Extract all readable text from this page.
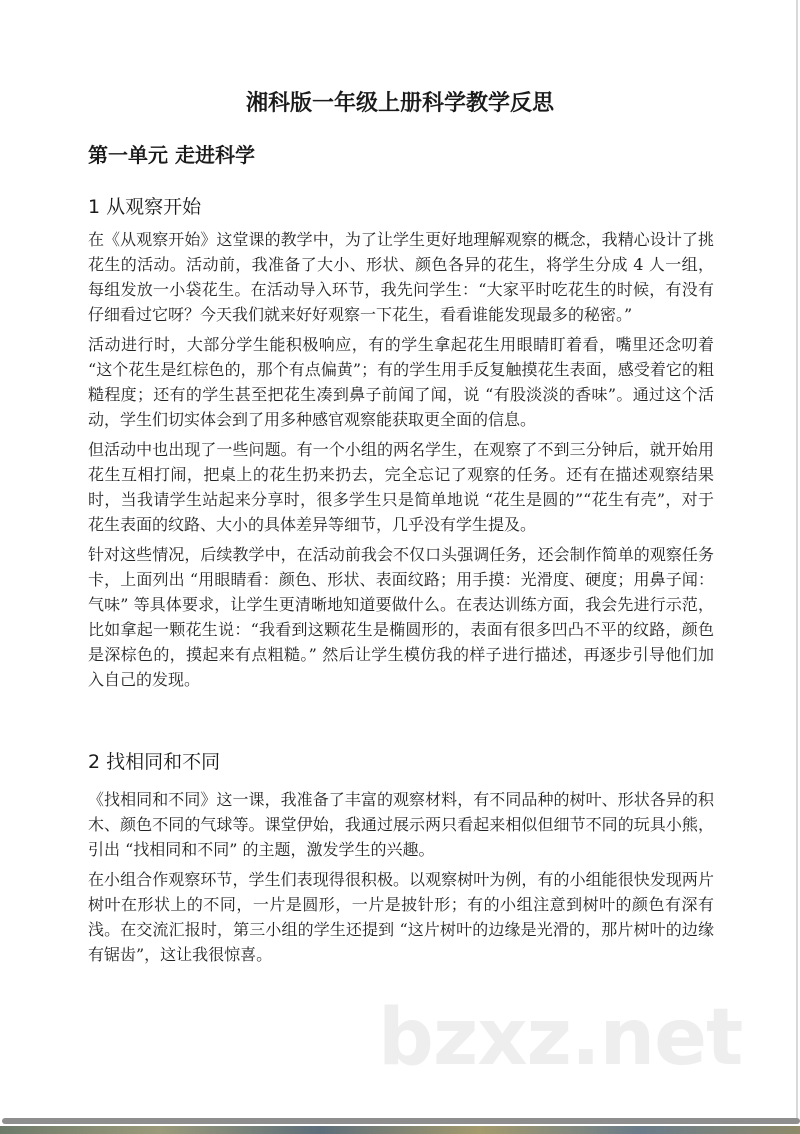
湘科版一年级上册科学教学反思
第一单元 走进科学
1 从观察开始

在《从观察开始》这堂课的教学中，为了让学生更好地理解观察的概念，我精心设计了挑花生的活动。活动前，我准备了大小、形状、颜色各异的花生，将学生分成 4 人一组，每组发放一小袋花生。在活动导入环节，我先问学生：“大家平时吃花生的时候，有没有仔细看过它呀？今天我们就来好好观察一下花生，看看谁能发现最多的秘密。”

活动进行时，大部分学生能积极响应，有的学生拿起花生用眼睛盯着看，嘴里还念叨着 “这个花生是红棕色的，那个有点偏黄”；有的学生用手反复触摸花生表面，感受着它的粗糙程度；还有的学生甚至把花生凑到鼻子前闻了闻，说 “有股淡淡的香味”。通过这个活动，学生们切实体会到了用多种感官观察能获取更全面的信息。

但活动中也出现了一些问题。有一个小组的两名学生，在观察了不到三分钟后，就开始用花生互相打闹，把桌上的花生扔来扔去，完全忘记了观察的任务。还有在描述观察结果时，当我请学生站起来分享时，很多学生只是简单地说 “花生是圆的”“花生有壳”，对于花生表面的纹路、大小的具体差异等细节，几乎没有学生提及。

针对这些情况，后续教学中，在活动前我会不仅口头强调任务，还会制作简单的观察任务卡，上面列出 “用眼睛看：颜色、形状、表面纹路；用手摸：光滑度、硬度；用鼻子闻：气味” 等具体要求，让学生更清晰地知道要做什么。在表达训练方面，我会先进行示范，比如拿起一颗花生说：“我看到这颗花生是椭圆形的，表面有很多凹凸不平的纹路，颜色是深棕色的，摸起来有点粗糙。” 然后让学生模仿我的样子进行描述，再逐步引导他们加入自己的发现。

2 找相同和不同

《找相同和不同》这一课，我准备了丰富的观察材料，有不同品种的树叶、形状各异的积木、颜色不同的气球等。课堂伊始，我通过展示两只看起来相似但细节不同的玩具小熊，引出 “找相同和不同” 的主题，激发学生的兴趣。

在小组合作观察环节，学生们表现得很积极。以观察树叶为例，有的小组能很快发现两片树叶在形状上的不同，一片是圆形，一片是披针形；有的小组注意到树叶的颜色有深有浅。在交流汇报时，第三小组的学生还提到 “这片树叶的边缘是光滑的，那片树叶的边缘有锯齿”，这让我很惊喜。

bzxz.net
